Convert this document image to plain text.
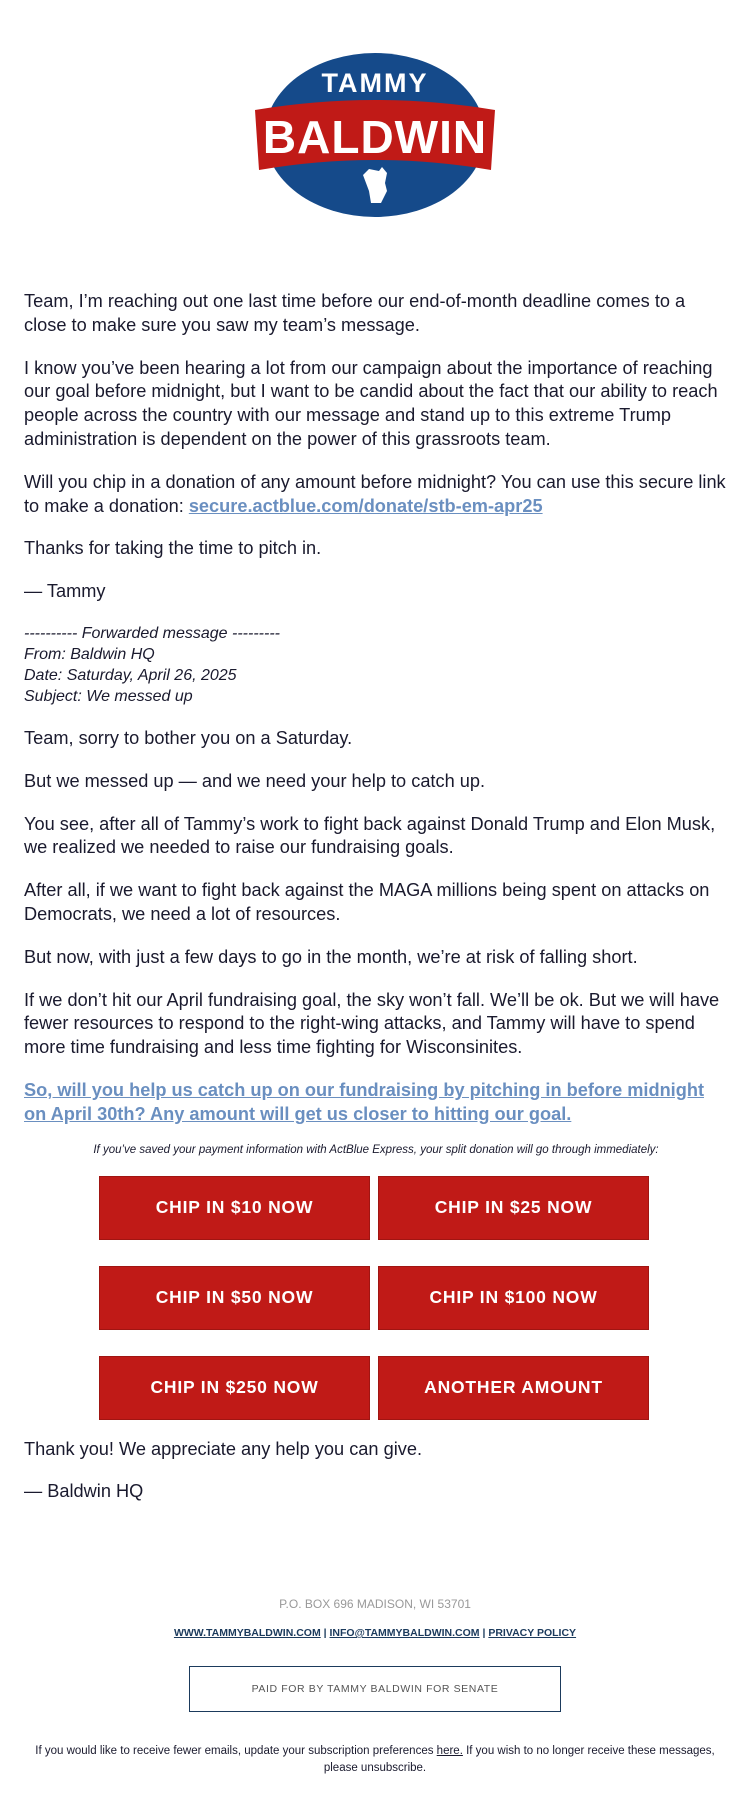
TAMMY
BALDWIN

Team, I’m reaching out one last time before our end-of-month deadline comes to a close to make sure you saw my team’s message.

I know you’ve been hearing a lot from our campaign about the importance of reaching our goal before midnight, but I want to be candid about the fact that our ability to reach people across the country with our message and stand up to this extreme Trump administration is dependent on the power of this grassroots team.

Will you chip in a donation of any amount before midnight? You can use this secure link to make a donation: secure.actblue.com/donate/stb-em-apr25

Thanks for taking the time to pitch in.

— Tammy

---------- Forwarded message ---------
From: Baldwin HQ
Date: Saturday, April 26, 2025
Subject: We messed up

Team, sorry to bother you on a Saturday.

But we messed up — and we need your help to catch up.

You see, after all of Tammy’s work to fight back against Donald Trump and Elon Musk, we realized we needed to raise our fundraising goals.

After all, if we want to fight back against the MAGA millions being spent on attacks on Democrats, we need a lot of resources.

But now, with just a few days to go in the month, we’re at risk of falling short.

If we don’t hit our April fundraising goal, the sky won’t fall. We’ll be ok. But we will have fewer resources to respond to the right-wing attacks, and Tammy will have to spend more time fundraising and less time fighting for Wisconsinites.

So, will you help us catch up on our fundraising by pitching in before midnight on April 30th? Any amount will get us closer to hitting our goal.

If you’ve saved your payment information with ActBlue Express, your split donation will go through immediately:

CHIP IN $10 NOW	CHIP IN $25 NOW
CHIP IN $50 NOW	CHIP IN $100 NOW
CHIP IN $250 NOW	ANOTHER AMOUNT

Thank you! We appreciate any help you can give.

— Baldwin HQ

P.O. BOX 696 MADISON, WI 53701
WWW.TAMMYBALDWIN.COM | INFO@TAMMYBALDWIN.COM | PRIVACY POLICY
PAID FOR BY TAMMY BALDWIN FOR SENATE
If you would like to receive fewer emails, update your subscription preferences here. If you wish to no longer receive these messages, please unsubscribe.
